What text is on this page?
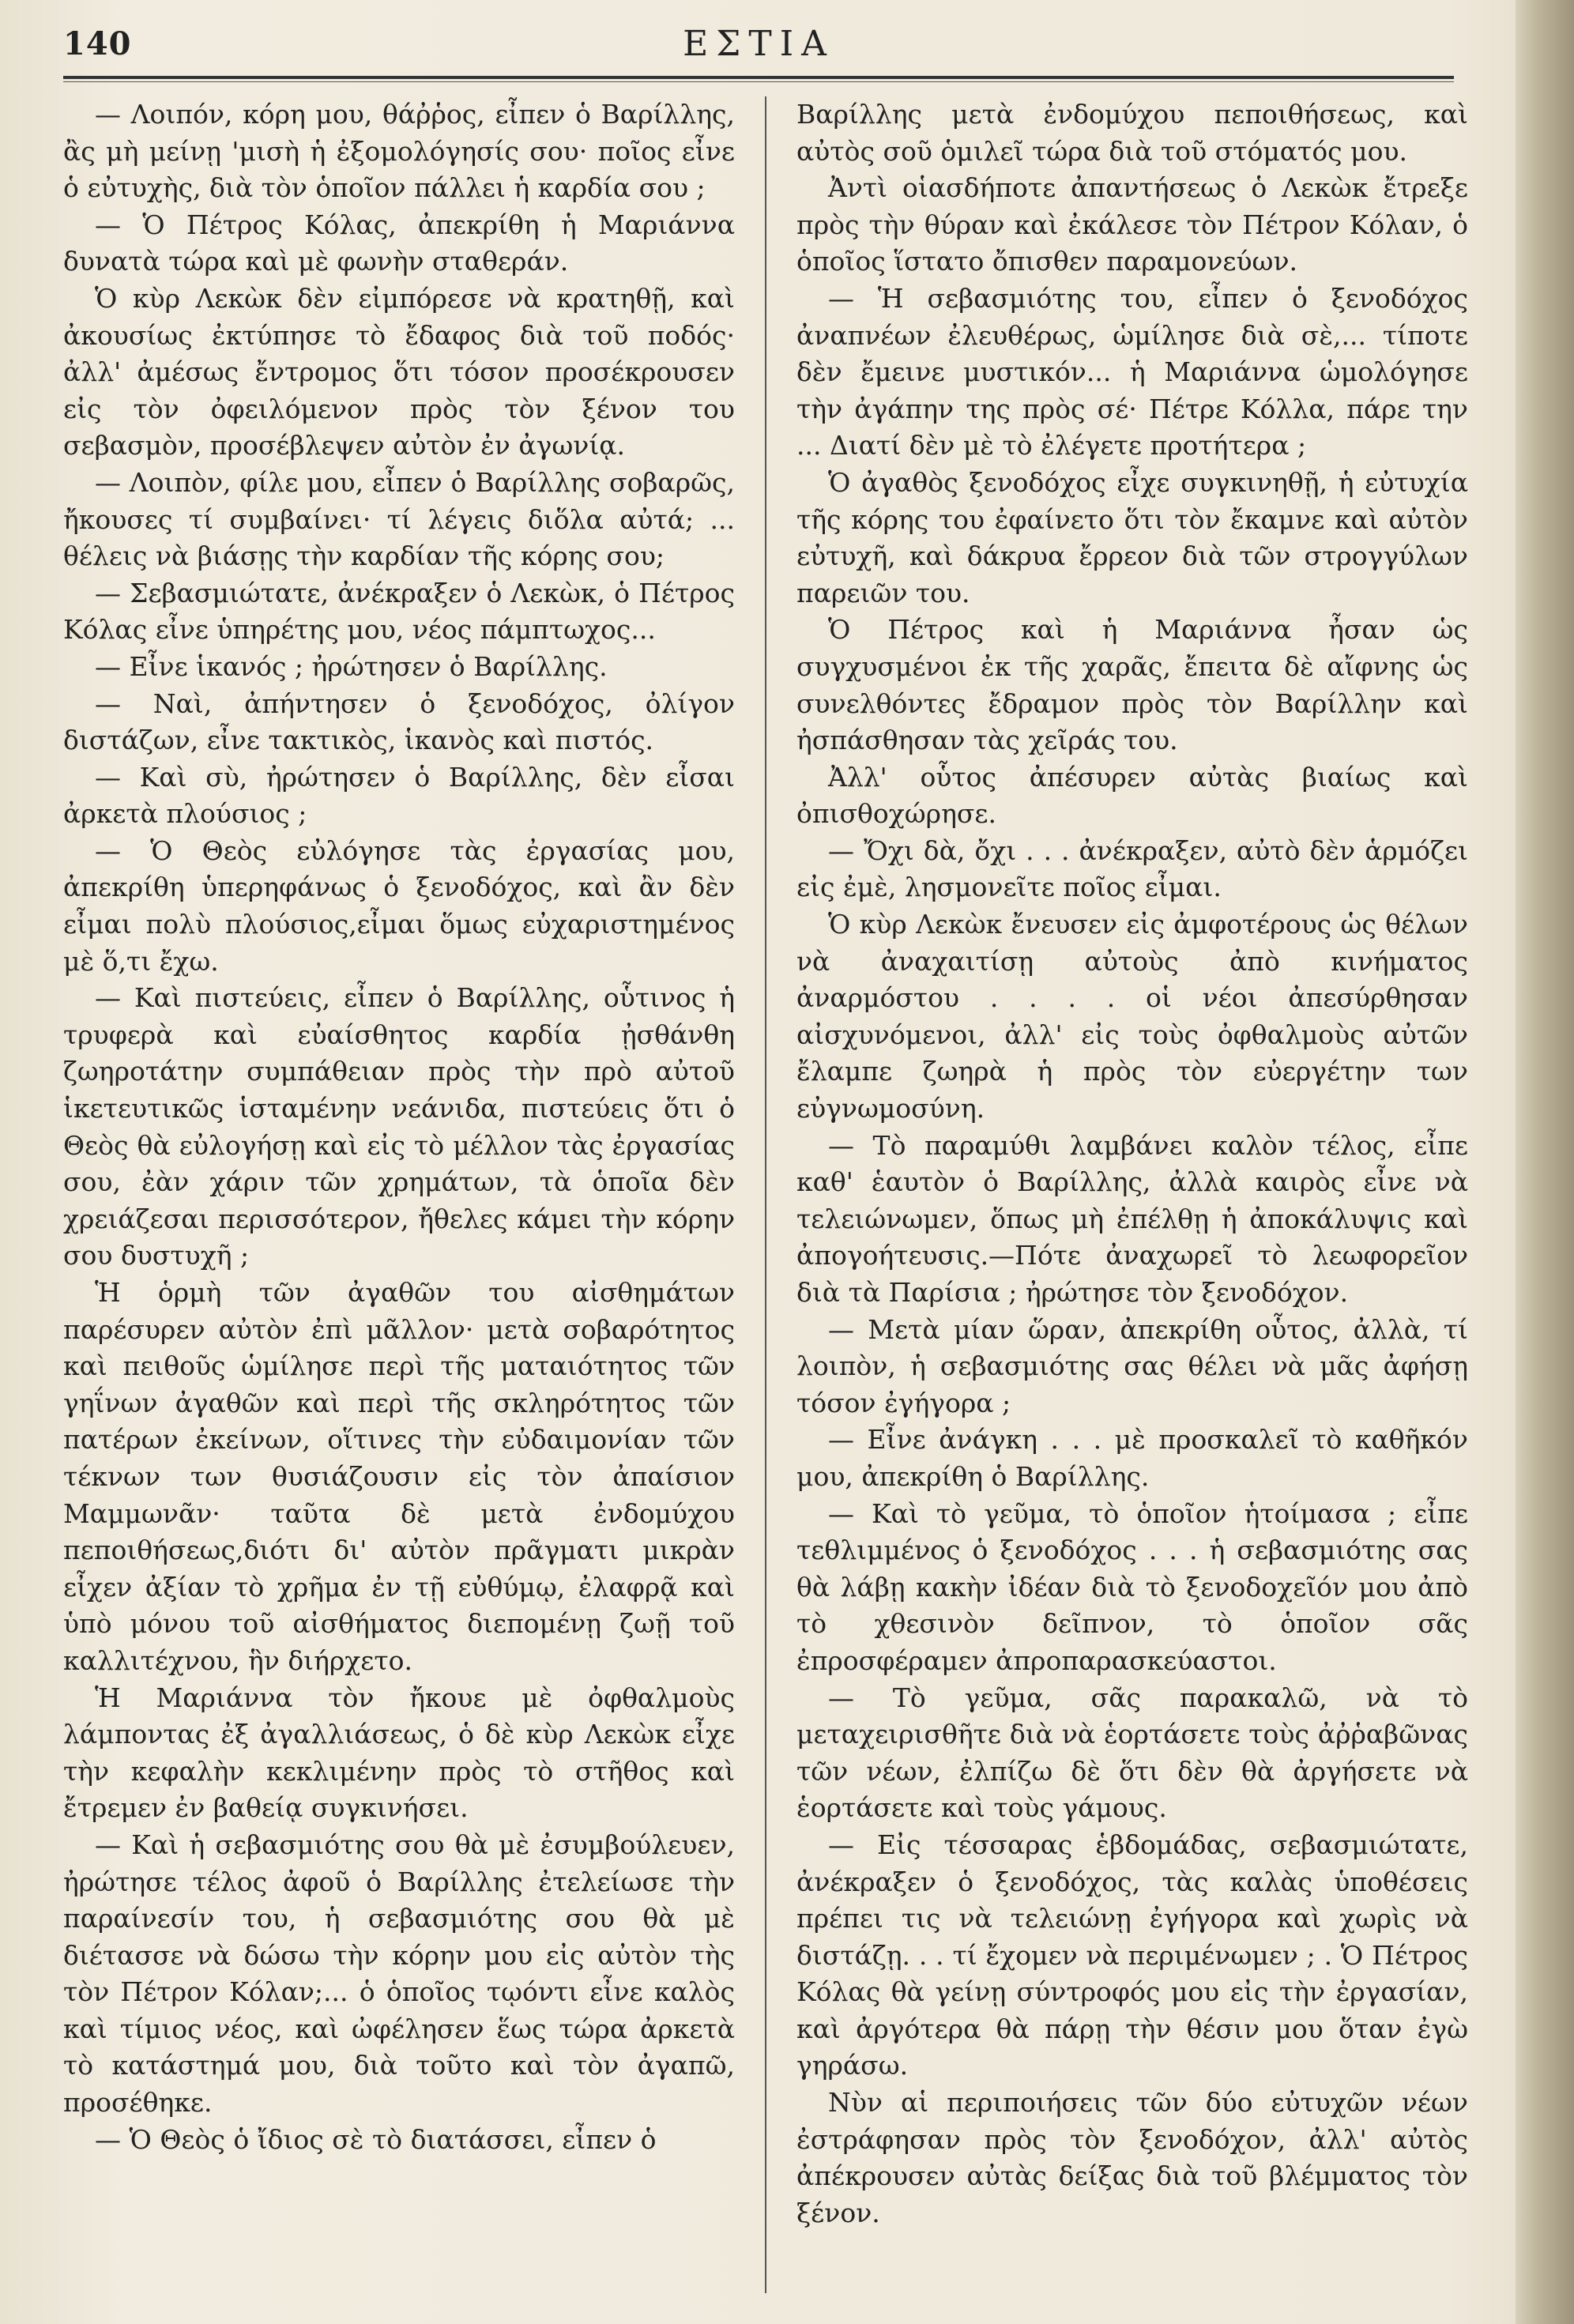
140	ΕΣΤΙΑ

— Λοιπόν, κόρη μου, θάῤῥος, εἶπεν ὁ Βαρίλλης, ἂς μὴ μείνῃ 'μισὴ ἡ ἐξομολόγησίς σου· ποῖος εἶνε ὁ εὐτυχὴς, διὰ τὸν ὁποῖον πάλλει ἡ καρδία σου ;

— Ὁ Πέτρος Κόλας, ἀπεκρίθη ἡ Μαριάννα δυνατὰ τώρα καὶ μὲ φωνὴν σταθεράν.

Ὁ κὺρ Λεκὼκ δὲν εἰμπόρεσε νὰ κρατηθῇ, καὶ ἀκουσίως ἐκτύπησε τὸ ἔδαφος διὰ τοῦ ποδός· ἀλλ' ἀμέσως ἔντρομος ὅτι τόσον προσέκρουσεν εἰς τὸν ὀφειλόμενον πρὸς τὸν ξένον του σεβασμὸν, προσέβλεψεν αὐτὸν ἐν ἀγωνίᾳ.

— Λοιπὸν, φίλε μου, εἶπεν ὁ Βαρίλλης σοβαρῶς, ἤκουσες τί συμβαίνει· τί λέγεις διὅλα αὐτά; ... θέλεις νὰ βιάσῃς τὴν καρδίαν τῆς κόρης σου;

— Σεβασμιώτατε, ἀνέκραξεν ὁ Λεκὼκ, ὁ Πέτρος Κόλας εἶνε ὑπηρέτης μου, νέος πάμπτωχος...

— Εἶνε ἱκανός ; ἠρώτησεν ὁ Βαρίλλης.

— Ναὶ, ἀπήντησεν ὁ ξενοδόχος, ὀλίγον διστάζων, εἶνε τακτικὸς, ἱκανὸς καὶ πιστός.

— Καὶ σὺ, ἠρώτησεν ὁ Βαρίλλης, δὲν εἶσαι ἀρκετὰ πλούσιος ;

— Ὁ Θεὸς εὐλόγησε τὰς ἐργασίας μου, ἀπεκρίθη ὑπερηφάνως ὁ ξενοδόχος, καὶ ἂν δὲν εἶμαι πολὺ πλούσιος,εἶμαι ὅμως εὐχαριστημένος μὲ ὅ,τι ἔχω.

— Καὶ πιστεύεις, εἶπεν ὁ Βαρίλλης, οὗτινος ἡ τρυφερὰ καὶ εὐαίσθητος καρδία ᾐσθάνθη ζωηροτάτην συμπάθειαν πρὸς τὴν πρὸ αὐτοῦ ἱκετευτικῶς ἱσταμένην νεάνιδα, πιστεύεις ὅτι ὁ Θεὸς θὰ εὐλογήσῃ καὶ εἰς τὸ μέλλον τὰς ἐργασίας σου, ἐὰν χάριν τῶν χρημάτων, τὰ ὁποῖα δὲν χρειάζεσαι περισσότερον, ἤθελες κάμει τὴν κόρην σου δυστυχῆ ;

Ἡ ὁρμὴ τῶν ἀγαθῶν του αἰσθημάτων παρέσυρεν αὐτὸν ἐπὶ μᾶλλον· μετὰ σοβαρότητος καὶ πειθοῦς ὡμίλησε περὶ τῆς ματαιότητος τῶν γηΐνων ἀγαθῶν καὶ περὶ τῆς σκληρότητος τῶν πατέρων ἐκείνων, οἵτινες τὴν εὐδαιμονίαν τῶν τέκνων των θυσιάζουσιν εἰς τὸν ἀπαίσιον Μαμμωνᾶν· ταῦτα δὲ μετὰ ἐνδομύχου πεποιθήσεως,διότι δι' αὐτὸν πρᾶγματι μικρὰν εἶχεν ἀξίαν τὸ χρῆμα ἐν τῇ εὐθύμῳ, ἐλαφρᾷ καὶ ὑπὸ μόνου τοῦ αἰσθήματος διεπομένῃ ζωῇ τοῦ καλλιτέχνου, ἣν διήρχετο.

Ἡ Μαριάννα τὸν ἤκουε μὲ ὀφθαλμοὺς λάμποντας ἐξ ἀγαλλιάσεως, ὁ δὲ κὺρ Λεκὼκ εἶχε τὴν κεφαλὴν κεκλιμένην πρὸς τὸ στῆθος καὶ ἔτρεμεν ἐν βαθείᾳ συγκινήσει.

— Καὶ ἡ σεβασμιότης σου θὰ μὲ ἐσυμβούλευεν, ἠρώτησε τέλος ἀφοῦ ὁ Βαρίλλης ἐτελείωσε τὴν παραίνεσίν του, ἡ σεβασμιότης σου θὰ μὲ διέτασσε νὰ δώσω τὴν κόρην μου εἰς αὐτὸν τὴς τὸν Πέτρον Κόλαν;... ὁ ὁποῖος τῳόντι εἶνε καλὸς καὶ τίμιος νέος, καὶ ὠφέλησεν ἕως τώρα ἀρκετὰ τὸ κατάστημά μου, διὰ τοῦτο καὶ τὸν ἀγαπῶ, προσέθηκε.

— Ὁ Θεὸς ὁ ἴδιος σὲ τὸ διατάσσει, εἶπεν ὁ

Βαρίλλης μετὰ ἐνδομύχου πεποιθήσεως, καὶ αὐτὸς σοῦ ὁμιλεῖ τώρα διὰ τοῦ στόματός μου.

Ἀντὶ οἱασδήποτε ἀπαντήσεως ὁ Λεκὼκ ἔτρεξε πρὸς τὴν θύραν καὶ ἐκάλεσε τὸν Πέτρον Κόλαν, ὁ ὁποῖος ἵστατο ὄπισθεν παραμονεύων.

— Ἡ σεβασμιότης του, εἶπεν ὁ ξενοδόχος ἀναπνέων ἐλευθέρως, ὡμίλησε διὰ σὲ,... τίποτε δὲν ἔμεινε μυστικόν... ἡ Μαριάννα ὡμολόγησε τὴν ἀγάπην της πρὸς σέ· Πέτρε Κόλλα, πάρε την ... Διατί δὲν μὲ τὸ ἐλέγετε προτήτερα ;

Ὁ ἀγαθὸς ξενοδόχος εἶχε συγκινηθῇ, ἡ εὐτυχία τῆς κόρης του ἐφαίνετο ὅτι τὸν ἔκαμνε καὶ αὐτὸν εὐτυχῆ, καὶ δάκρυα ἔρρεον διὰ τῶν στρογγύλων παρειῶν του.

Ὁ Πέτρος καὶ ἡ Μαριάννα ἦσαν ὡς συγχυσμένοι ἐκ τῆς χαρᾶς, ἔπειτα δὲ αἴφνης ὡς συνελθόντες ἔδραμον πρὸς τὸν Βαρίλλην καὶ ἠσπάσθησαν τὰς χεῖράς του.

Ἀλλ' οὗτος ἀπέσυρεν αὐτὰς βιαίως καὶ ὀπισθοχώρησε.

— Ὄχι δὰ, ὄχι . . . ἀνέκραξεν, αὐτὸ δὲν ἁρμόζει εἰς ἐμὲ, λησμονεῖτε ποῖος εἶμαι.

Ὁ κὺρ Λεκὼκ ἔνευσεν εἰς ἀμφοτέρους ὡς θέλων νὰ ἀναχαιτίσῃ αὐτοὺς ἀπὸ κινήματος ἀναρμόστου . . . . οἱ νέοι ἀπεσύρθησαν αἰσχυνόμενοι, ἀλλ' εἰς τοὺς ὀφθαλμοὺς αὐτῶν ἔλαμπε ζωηρὰ ἡ πρὸς τὸν εὐεργέτην των εὐγνωμοσύνη.

— Τὸ παραμύθι λαμβάνει καλὸν τέλος, εἶπε καθ' ἑαυτὸν ὁ Βαρίλλης, ἀλλὰ καιρὸς εἶνε νὰ τελειώνωμεν, ὅπως μὴ ἐπέλθῃ ἡ ἀποκάλυψις καὶ ἀπογοήτευσις.—Πότε ἀναχωρεῖ τὸ λεωφορεῖον διὰ τὰ Παρίσια ; ἠρώτησε τὸν ξενοδόχον.

— Μετὰ μίαν ὥραν, ἀπεκρίθη οὗτος, ἀλλὰ, τί λοιπὸν, ἡ σεβασμιότης σας θέλει νὰ μᾶς ἀφήσῃ τόσον ἐγήγορα ;

— Εἶνε ἀνάγκη . . . μὲ προσκαλεῖ τὸ καθῆκόν μου, ἀπεκρίθη ὁ Βαρίλλης.

— Καὶ τὸ γεῦμα, τὸ ὁποῖον ἡτοίμασα ; εἶπε τεθλιμμένος ὁ ξενοδόχος . . . ἡ σεβασμιότης σας θὰ λάβῃ κακὴν ἰδέαν διὰ τὸ ξενοδοχεῖόν μου ἀπὸ τὸ χθεσινὸν δεῖπνον, τὸ ὁποῖον σᾶς ἐπροσφέραμεν ἀπροπαρασκεύαστοι.

— Τὸ γεῦμα, σᾶς παρακαλῶ, νὰ τὸ μεταχειρισθῆτε διὰ νὰ ἑορτάσετε τοὺς ἀῤῥαβῶνας τῶν νέων, ἐλπίζω δὲ ὅτι δὲν θὰ ἀργήσετε νὰ ἑορτάσετε καὶ τοὺς γάμους.

— Εἰς τέσσαρας ἑβδομάδας, σεβασμιώτατε, ἀνέκραξεν ὁ ξενοδόχος, τὰς καλὰς ὑποθέσεις πρέπει τις νὰ τελειώνῃ ἐγήγορα καὶ χωρὶς νὰ διστάζῃ. . . τί ἔχομεν νὰ περιμένωμεν ; . Ὁ Πέτρος Κόλας θὰ γείνῃ σύντροφός μου εἰς τὴν ἐργασίαν, καὶ ἀργότερα θὰ πάρῃ τὴν θέσιν μου ὅταν ἐγὼ γηράσω.

Νὺν αἱ περιποιήσεις τῶν δύο εὐτυχῶν νέων ἐστράφησαν πρὸς τὸν ξενοδόχον, ἀλλ' αὐτὸς ἀπέκρουσεν αὐτὰς δείξας διὰ τοῦ βλέμματος τὸν ξένον.
